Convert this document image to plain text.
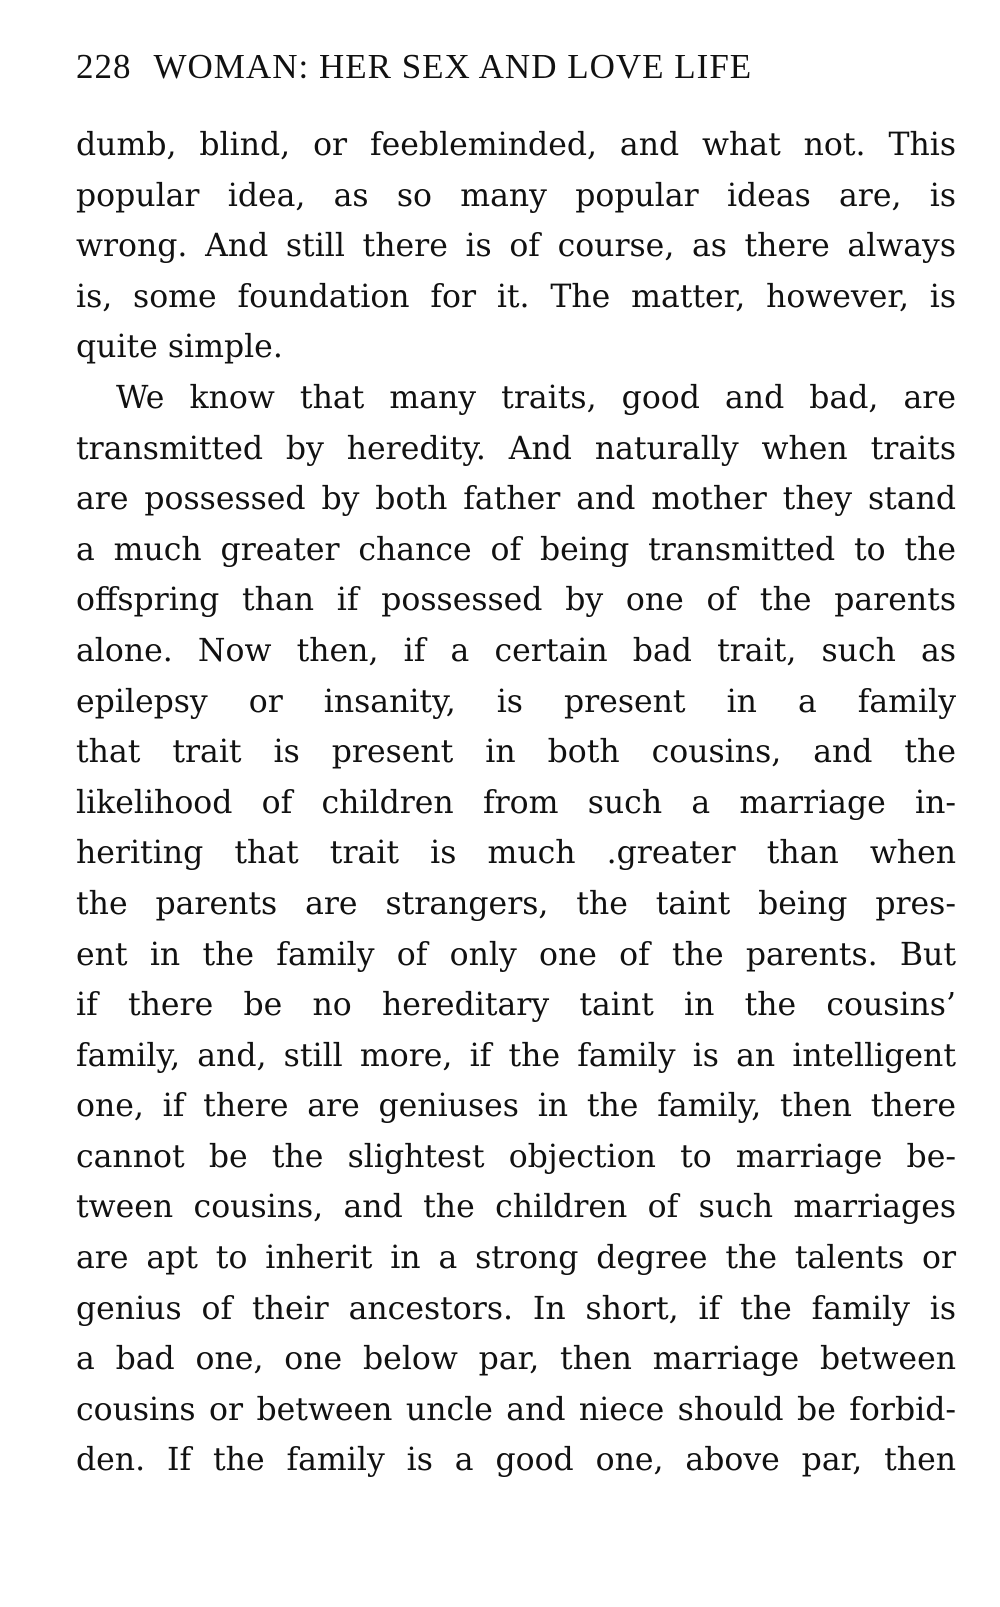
228 WOMAN: HER SEX AND LOVE LIFE
dumb, blind, or feebleminded, and what not. This
popular idea, as so many popular ideas are, is
wrong. And still there is of course, as there always
is, some foundation for it. The matter, however, is
quite simple.
We know that many traits, good and bad, are
transmitted by heredity. And naturally when traits
are possessed by both father and mother they stand
a much greater chance of being transmitted to the
offspring than if possessed by one of the parents
alone. Now then, if a certain bad trait, such as
epilepsy or insanity, is present in a family
that trait is present in both cousins, and the
likelihood of children from such a marriage in-
heriting that trait is much .greater than when
the parents are strangers, the taint being pres-
ent in the family of only one of the parents. But
if there be no hereditary taint in the cousins’
family, and, still more, if the family is an intelligent
one, if there are geniuses in the family, then there
cannot be the slightest objection to marriage be-
tween cousins, and the children of such marriages
are apt to inherit in a strong degree the talents or
genius of their ancestors. In short, if the family is
a bad one, one below par, then marriage between
cousins or between uncle and niece should be forbid-
den. If the family is a good one, above par, then
